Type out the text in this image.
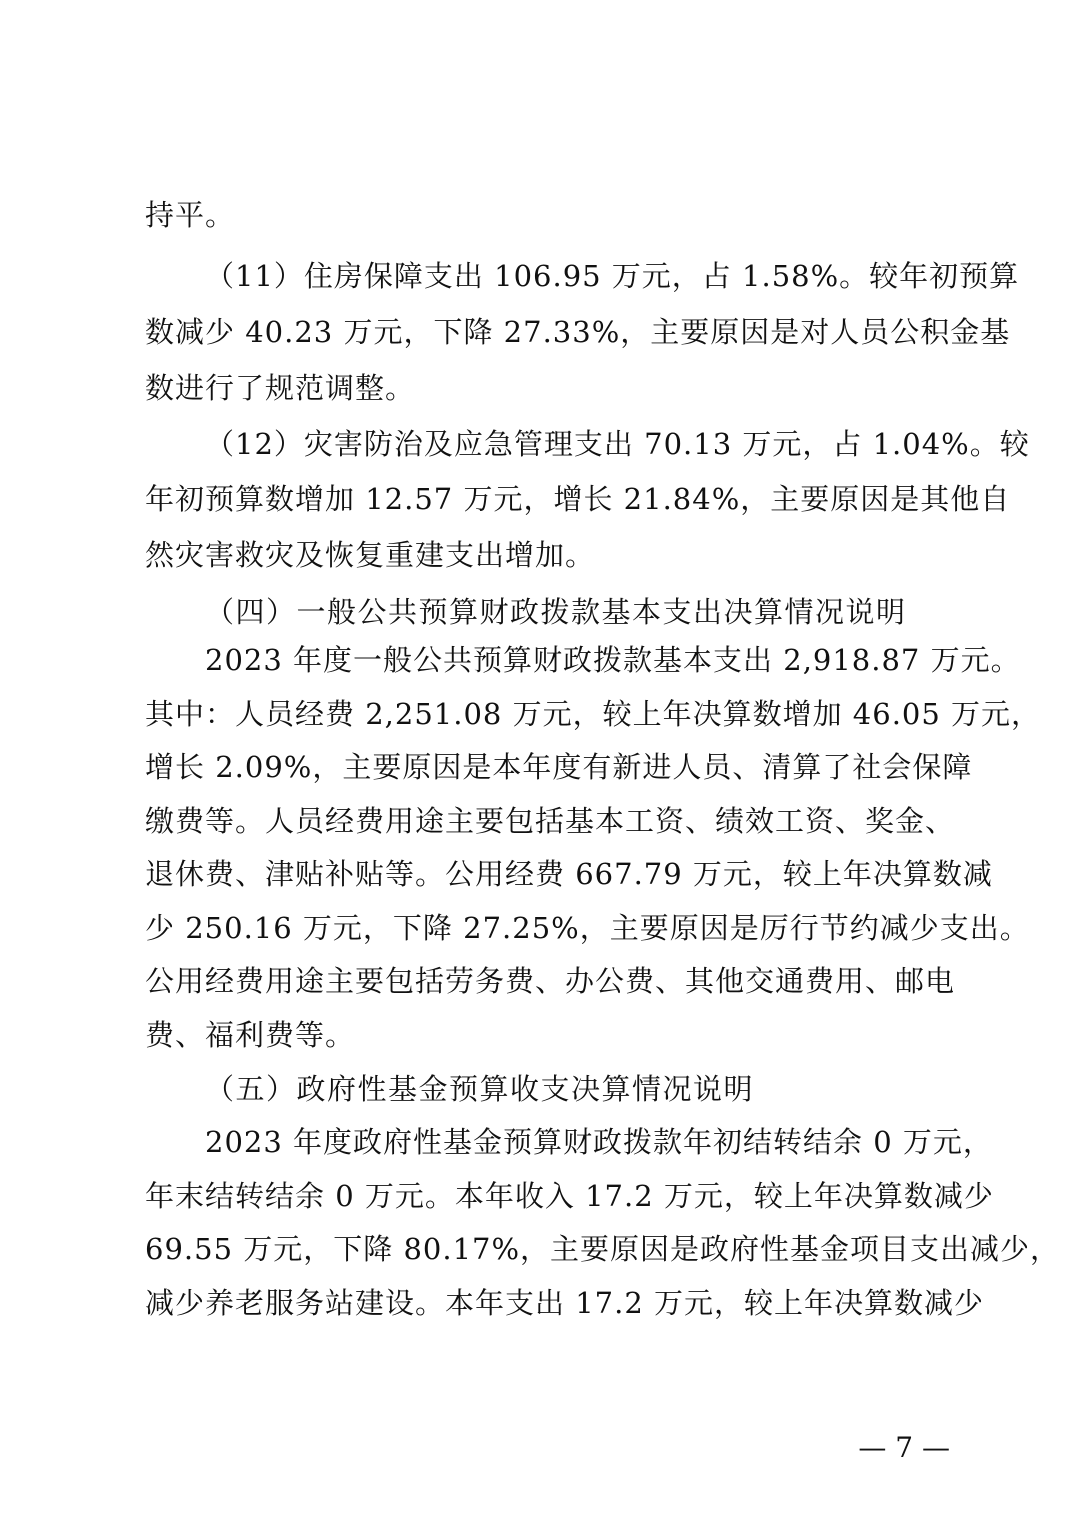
持平。
（11）住房保障支出 106.95 万元，占 1.58%。较年初预算
数减少 40.23 万元，下降 27.33%，主要原因是对人员公积金基
数进行了规范调整。
（12）灾害防治及应急管理支出 70.13 万元，占 1.04%。较
年初预算数增加 12.57 万元，增长 21.84%，主要原因是其他自
然灾害救灾及恢复重建支出增加。
（四）一般公共预算财政拨款基本支出决算情况说明
2023 年度一般公共预算财政拨款基本支出 2,918.87 万元。
其中：人员经费 2,251.08 万元，较上年决算数增加 46.05 万元，
增长 2.09%，主要原因是本年度有新进人员、清算了社会保障
缴费等。人员经费用途主要包括基本工资、绩效工资、奖金、
退休费、津贴补贴等。公用经费 667.79 万元，较上年决算数减
少 250.16 万元，下降 27.25%，主要原因是厉行节约减少支出。
公用经费用途主要包括劳务费、办公费、其他交通费用、邮电
费、福利费等。
（五）政府性基金预算收支决算情况说明
2023 年度政府性基金预算财政拨款年初结转结余 0 万元，
年末结转结余 0 万元。本年收入 17.2 万元，较上年决算数减少
69.55 万元，下降 80.17%，主要原因是政府性基金项目支出减少，
减少养老服务站建设。本年支出 17.2 万元，较上年决算数减少
— 7 —
